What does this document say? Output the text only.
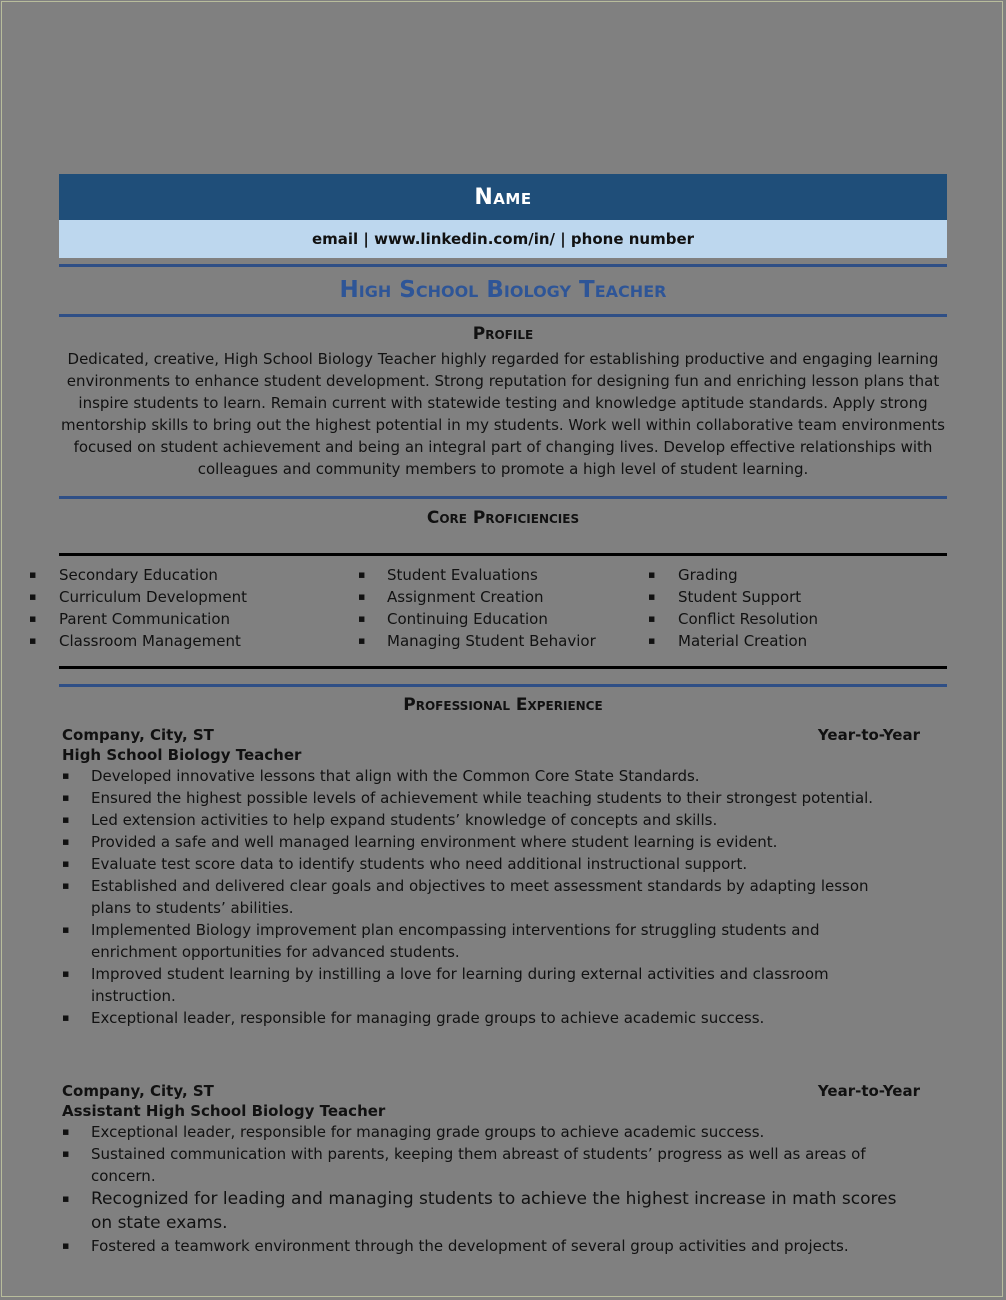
Name
email | www.linkedin.com/in/ | phone number
High School Biology Teacher
Profile

Dedicated, creative, High School Biology Teacher highly regarded for establishing productive and engaging learning environments to enhance student development. Strong reputation for designing fun and enriching lesson plans that inspire students to learn. Remain current with statewide testing and knowledge aptitude standards. Apply strong mentorship skills to bring out the highest potential in my students. Work well within collaborative team environments focused on student achievement and being an integral part of changing lives. Develop effective relationships with colleagues and community members to promote a high level of student learning.

Core Proficiencies
▪ Secondary Education
▪ Curriculum Development
▪ Parent Communication
▪ Classroom Management
▪ Student Evaluations
▪ Assignment Creation
▪ Continuing Education
▪ Managing Student Behavior
▪ Grading
▪ Student Support
▪ Conflict Resolution
▪ Material Creation
Professional Experience
Company, City, ST	Year-to-Year
High School Biology Teacher
▪ Developed innovative lessons that align with the Common Core State Standards.
▪ Ensured the highest possible levels of achievement while teaching students to their strongest potential.
▪ Led extension activities to help expand students’ knowledge of concepts and skills.
▪ Provided a safe and well managed learning environment where student learning is evident.
▪ Evaluate test score data to identify students who need additional instructional support.
▪ Established and delivered clear goals and objectives to meet assessment standards by adapting lesson plans to students’ abilities.
▪ Implemented Biology improvement plan encompassing interventions for struggling students and enrichment opportunities for advanced students.
▪ Improved student learning by instilling a love for learning during external activities and classroom instruction.
▪ Exceptional leader, responsible for managing grade groups to achieve academic success.
Company, City, ST	Year-to-Year
Assistant High School Biology Teacher
▪ Exceptional leader, responsible for managing grade groups to achieve academic success.
▪ Sustained communication with parents, keeping them abreast of students’ progress as well as areas of concern.
▪ Recognized for leading and managing students to achieve the highest increase in math scores on state exams.
▪ Fostered a teamwork environment through the development of several group activities and projects.
